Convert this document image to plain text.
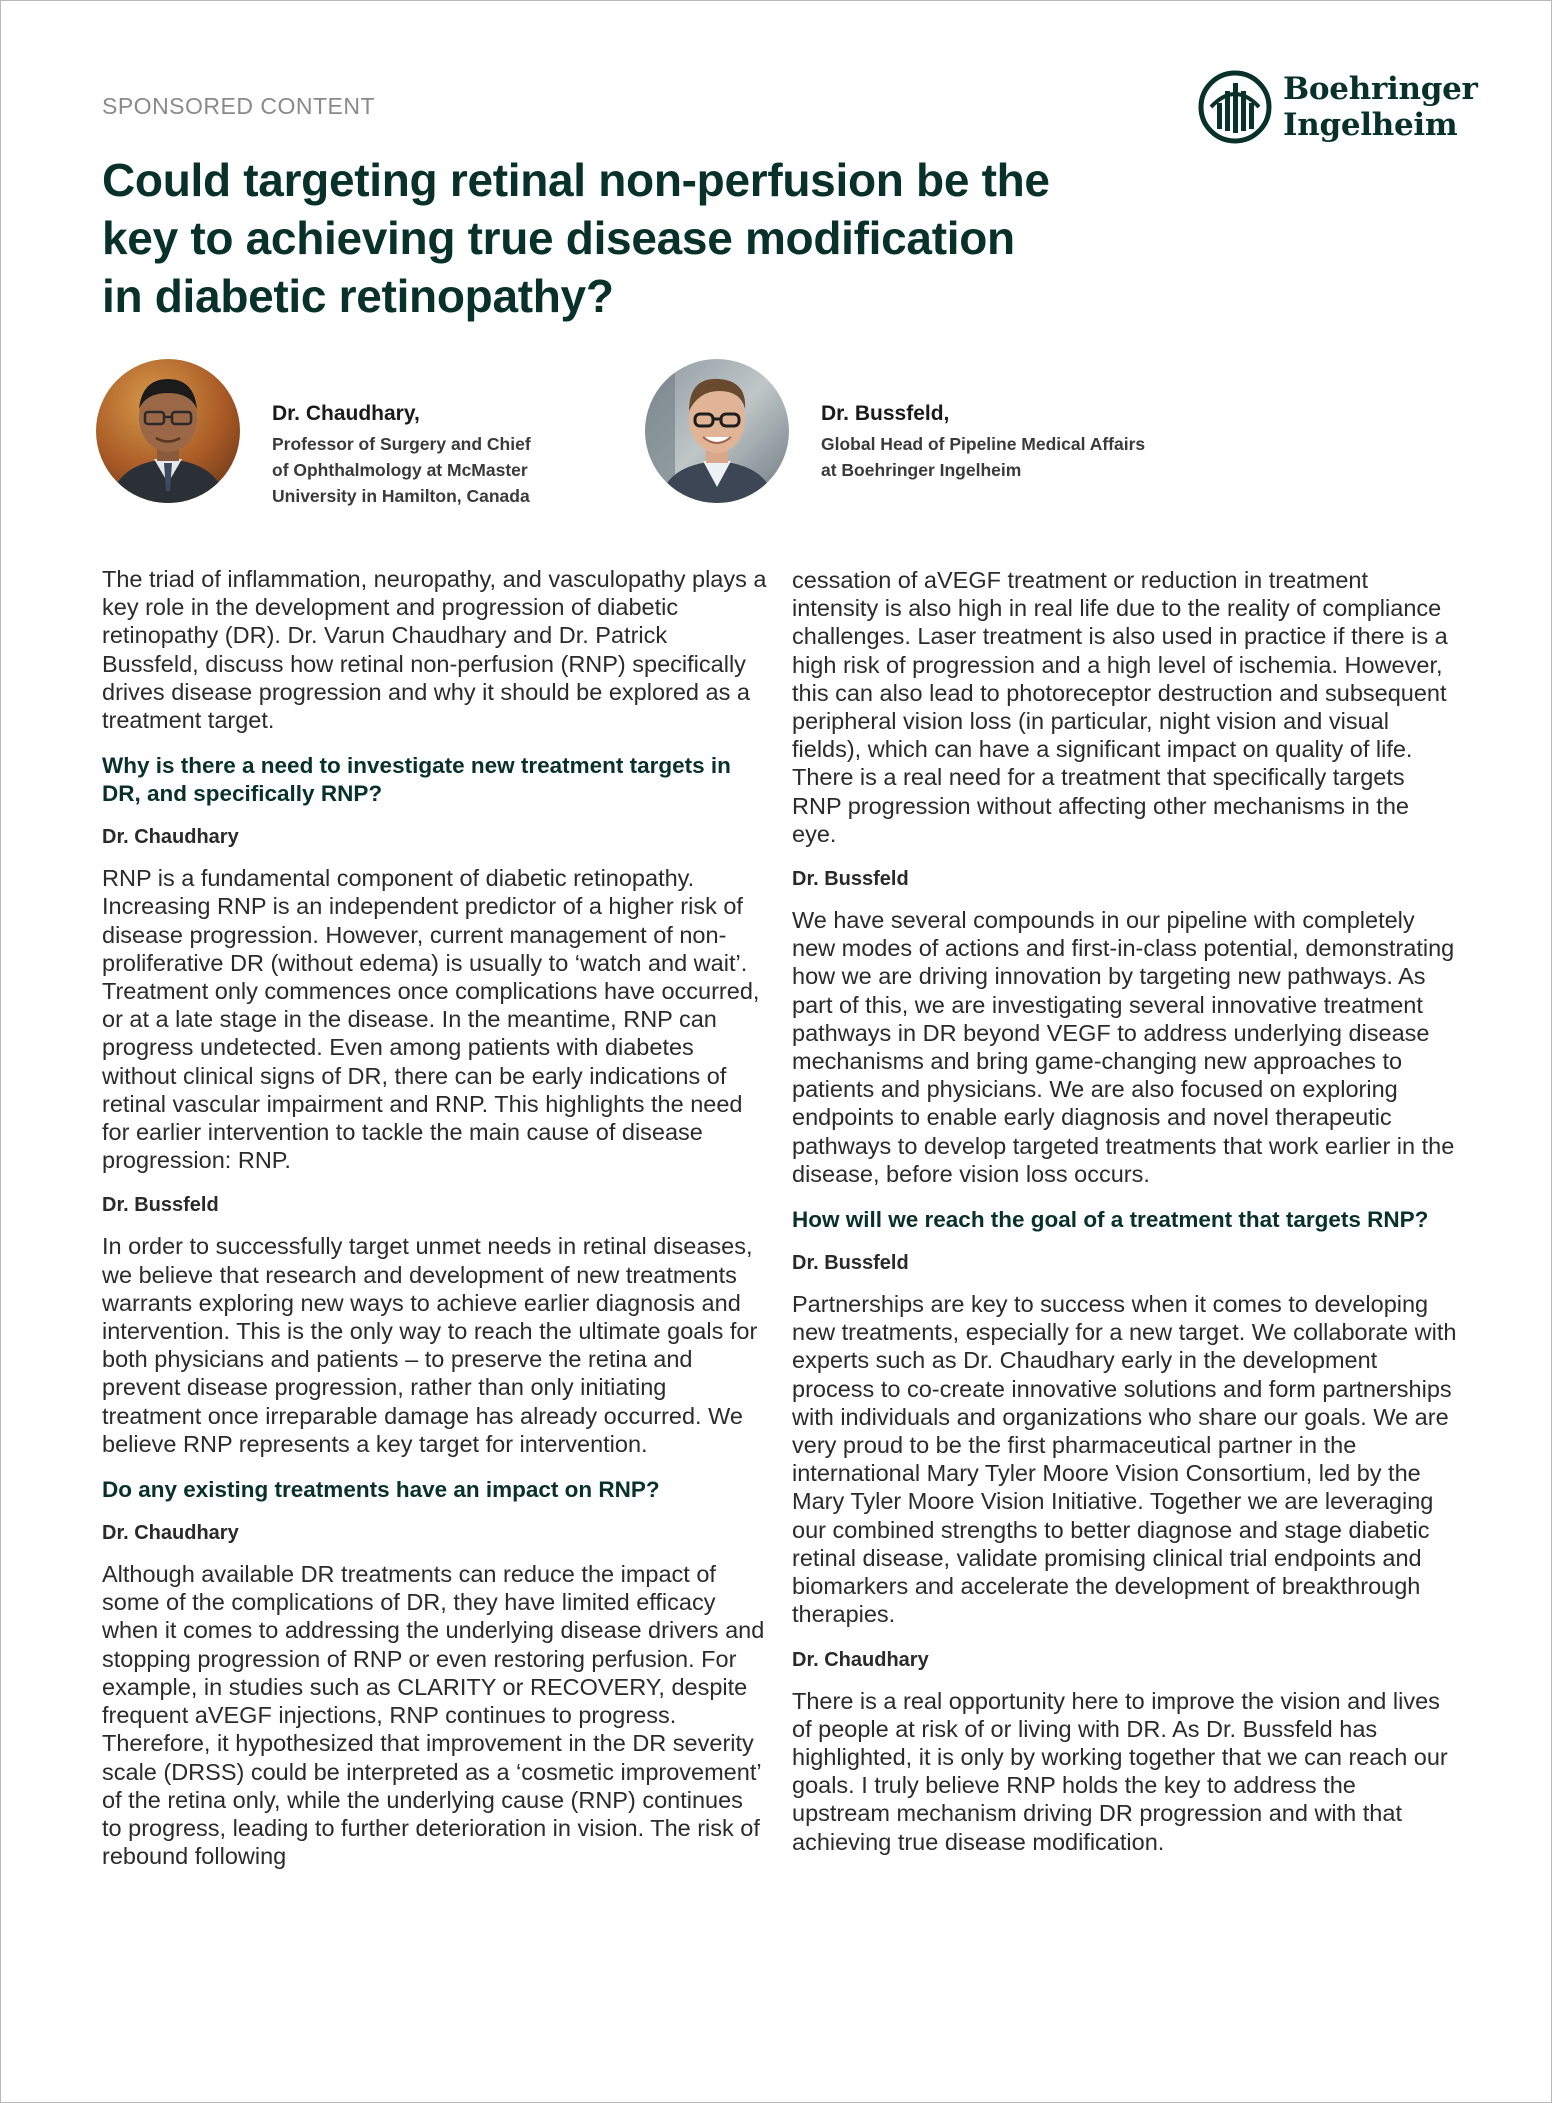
SPONSORED CONTENT	Boehringer
Ingelheim
Could targeting retinal non-perfusion be the key to achieving true disease modification in diabetic retinopathy?
Dr. Chaudhary,
Professor of Surgery and Chief
of Ophthalmology at McMaster
University in Hamilton, Canada
Dr. Bussfeld,
Global Head of Pipeline Medical Affairs
at Boehringer Ingelheim

The triad of inflammation, neuropathy, and vasculopathy plays a key role in the development and progression of diabetic retinopathy (DR). Dr. Varun Chaudhary and Dr. Patrick Bussfeld, discuss how retinal non-perfusion (RNP) specifically drives disease progression and why it should be explored as a treatment target.

Why is there a need to investigate new treatment targets in DR, and specifically RNP?
Dr. Chaudhary

RNP is a fundamental component of diabetic retinopathy. Increasing RNP is an independent predictor of a higher risk of disease progression. However, current management of non-proliferative DR (without edema) is usually to ‘watch and wait’. Treatment only commences once complications have occurred, or at a late stage in the disease. In the meantime, RNP can progress undetected. Even among patients with diabetes without clinical signs of DR, there can be early indications of retinal vascular impairment and RNP. This highlights the need for earlier intervention to tackle the main cause of disease progression: RNP.

Dr. Bussfeld

In order to successfully target unmet needs in retinal diseases, we believe that research and development of new treatments warrants exploring new ways to achieve earlier diagnosis and intervention. This is the only way to reach the ultimate goals for both physicians and patients – to preserve the retina and prevent disease progression, rather than only initiating treatment once irreparable damage has already occurred. We believe RNP represents a key target for intervention.

Do any existing treatments have an impact on RNP?
Dr. Chaudhary

Although available DR treatments can reduce the impact of some of the complications of DR, they have limited efficacy when it comes to addressing the underlying disease drivers and stopping progression of RNP or even restoring perfusion. For example, in studies such as CLARITY or RECOVERY, despite frequent aVEGF injections, RNP continues to progress. Therefore, it hypothesized that improvement in the DR severity scale (DRSS) could be interpreted as a ‘cosmetic improvement’ of the retina only, while the underlying cause (RNP) continues to progress, leading to further deterioration in vision. The risk of rebound following

cessation of aVEGF treatment or reduction in treatment intensity is also high in real life due to the reality of compliance challenges. Laser treatment is also used in practice if there is a high risk of progression and a high level of ischemia. However, this can also lead to photoreceptor destruction and subsequent peripheral vision loss (in particular, night vision and visual fields), which can have a significant impact on quality of life. There is a real need for a treatment that specifically targets RNP progression without affecting other mechanisms in the eye.

Dr. Bussfeld

We have several compounds in our pipeline with completely new modes of actions and first-in-class potential, demonstrating how we are driving innovation by targeting new pathways. As part of this, we are investigating several innovative treatment pathways in DR beyond VEGF to address underlying disease mechanisms and bring game-changing new approaches to patients and physicians. We are also focused on exploring endpoints to enable early diagnosis and novel therapeutic pathways to develop targeted treatments that work earlier in the disease, before vision loss occurs.

How will we reach the goal of a treatment that targets RNP?
Dr. Bussfeld

Partnerships are key to success when it comes to developing new treatments, especially for a new target. We collaborate with experts such as Dr. Chaudhary early in the development process to co-create innovative solutions and form partnerships with individuals and organizations who share our goals. We are very proud to be the first pharmaceutical partner in the international Mary Tyler Moore Vision Consortium, led by the Mary Tyler Moore Vision Initiative. Together we are leveraging our combined strengths to better diagnose and stage diabetic retinal disease, validate promising clinical trial endpoints and biomarkers and accelerate the development of breakthrough therapies.

Dr. Chaudhary

There is a real opportunity here to improve the vision and lives of people at risk of or living with DR. As Dr. Bussfeld has highlighted, it is only by working together that we can reach our goals. I truly believe RNP holds the key to address the upstream mechanism driving DR progression and with that achieving true disease modification.
